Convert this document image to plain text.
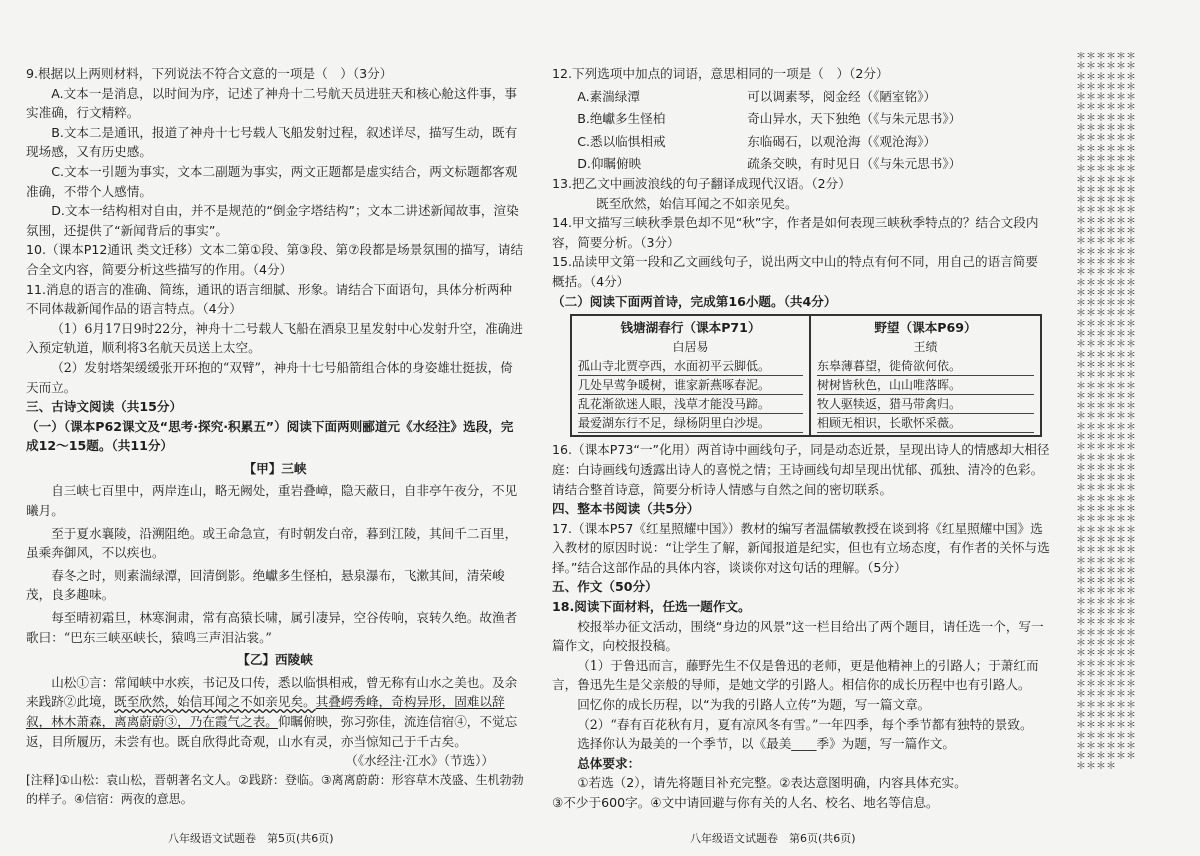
9.根据以上两则材料，下列说法不符合文意的一项是（　）（3分）

A.文本一是消息，以时间为序，记述了神舟十二号航天员进驻天和核心舱这件事，事实准确，行文精粹。

B.文本二是通讯，报道了神舟十七号载人飞船发射过程，叙述详尽，描写生动，既有现场感，又有历史感。

C.文本一引题为事实，文本二副题为事实，两文正题都是虚实结合，两文标题都客观准确，不带个人感情。

D.文本一结构相对自由，并不是规范的“倒金字塔结构”；文本二讲述新闻故事，渲染氛围，还提供了“新闻背后的事实”。

10.（课本P12通讯 类文迁移）文本二第①段、第③段、第⑦段都是场景氛围的描写，请结合全文内容，简要分析这些描写的作用。（4分）

11.消息的语言的准确、简练，通讯的语言细腻、形象。请结合下面语句，具体分析两种不同体裁新闻作品的语言特点。（4分）

（1）6月17日9时22分，神舟十二号载人飞船在酒泉卫星发射中心发射升空，准确进入预定轨道，顺利将3名航天员送上太空。

（2）发射塔架缓缓张开环抱的“双臂”，神舟十七号船箭组合体的身姿雄壮挺拔，倚天而立。

三、古诗文阅读（共15分）

（一）（课本P62课文及“思考·探究·积累五”）阅读下面两则郦道元《水经注》选段，完成12～15题。（共11分）

【甲】三峡

自三峡七百里中，两岸连山，略无阙处，重岩叠嶂，隐天蔽日，自非亭午夜分，不见曦月。

至于夏水襄陵，沿溯阻绝。或王命急宣，有时朝发白帝，暮到江陵，其间千二百里，虽乘奔御风，不以疾也。

春冬之时，则素湍绿潭，回清倒影。绝巘多生怪柏，悬泉瀑布，飞漱其间，清荣峻茂，良多趣味。

每至晴初霜旦，林寒涧肃，常有高猿长啸，属引凄异，空谷传响，哀转久绝。故渔者歌曰：“巴东三峡巫峡长，猿鸣三声泪沾裳。”

【乙】西陵峡

山松①言：常闻峡中水疾，书记及口传，悉以临惧相戒，曾无称有山水之美也。及余来践跻②此境，既至欣然，始信耳闻之不如亲见矣。其叠崿秀峰，奇构异形，固难以辞叙，林木萧森，离离蔚蔚③，乃在霞气之表。仰瞩俯映，弥习弥佳，流连信宿④，不觉忘返，目所履历，未尝有也。既自欣得此奇观，山水有灵，亦当惊知己于千古矣。

（《水经注·江水》（节选））

[注释]①山松：袁山松，晋朝著名文人。②践跻：登临。③离离蔚蔚：形容草木茂盛、生机勃勃的样子。④信宿：两夜的意思。

12.下列选项中加点的词语，意思相同的一项是（　）（2分）

A.素湍绿潭	可以调素琴，阅金经（《陋室铭》）
B.绝巘多生怪柏	奇山异水，天下独绝（《与朱元思书》）
C.悉以临惧相戒	东临碣石，以观沧海（《观沧海》）
D.仰瞩俯映	疏条交映，有时见日（《与朱元思书》）

13.把乙文中画波浪线的句子翻译成现代汉语。（2分）

既至欣然，始信耳闻之不如亲见矣。

14.甲文描写三峡秋季景色却不见“秋”字，作者是如何表现三峡秋季特点的？结合文段内容，简要分析。（3分）

15.品读甲文第一段和乙文画线句子，说出两文中山的特点有何不同，用自己的语言简要概括。（4分）

（二）阅读下面两首诗，完成第16小题。（共4分）

钱塘湖春行（课本P71）
白居易
孤山寺北贾亭西，水面初平云脚低。
几处早莺争暖树，谁家新燕啄春泥。
乱花渐欲迷人眼，浅草才能没马蹄。
最爱湖东行不足，绿杨阴里白沙堤。
野望（课本P69）
王绩
东皋薄暮望，徙倚欲何依。
树树皆秋色，山山唯落晖。
牧人驱犊返，猎马带禽归。
相顾无相识，长歌怀采薇。

16.（课本P73“一”化用）两首诗中画线句子，同是动态近景，呈现出诗人的情感却大相径庭：白诗画线句透露出诗人的喜悦之情；王诗画线句却呈现出忧郁、孤独、清冷的色彩。请结合整首诗意，简要分析诗人情感与自然之间的密切联系。

四、整本书阅读（共5分）

17.（课本P57《红星照耀中国》）教材的编写者温儒敏教授在谈到将《红星照耀中国》选入教材的原因时说：“让学生了解，新闻报道是纪实，但也有立场态度，有作者的关怀与选择。”结合这部作品的具体内容，谈谈你对这句话的理解。（5分）

五、作文（50分）

18.阅读下面材料，任选一题作文。

校报举办征文活动，围绕“身边的风景”这一栏目给出了两个题目，请任选一个，写一篇作文，向校报投稿。

（1）于鲁迅而言，藤野先生不仅是鲁迅的老师，更是他精神上的引路人；于萧红而言，鲁迅先生是父亲般的导师，是她文学的引路人。相信你的成长历程中也有引路人。

回忆你的成长历程，以“为我的引路人立传”为题，写一篇文章。

（2）“春有百花秋有月，夏有凉风冬有雪。”一年四季，每个季节都有独特的景致。

选择你认为最美的一个季节，以《最美____季》为题，写一篇作文。

总体要求：

①若选（2），请先将题目补充完整。②表达意图明确，内容具体充实。

③不少于600字。④文中请回避与你有关的人名、校名、地名等信息。

八年级语文试题卷　第5页(共6页)	八年级语文试题卷　第6页(共6页)
＊＊＊＊＊＊＊＊＊＊＊＊＊＊＊＊＊＊＊＊＊＊＊＊＊＊＊＊＊＊＊＊＊＊＊＊＊＊＊＊＊＊＊＊＊＊＊＊＊＊＊＊＊＊＊＊＊＊＊＊＊＊＊＊＊＊＊＊＊＊＊＊＊＊＊＊＊＊＊＊＊＊＊＊＊＊＊＊＊＊＊＊＊＊＊＊＊＊＊＊＊＊＊＊＊＊＊＊＊＊＊＊＊＊＊＊＊＊＊＊＊＊＊＊＊＊＊＊＊＊＊＊＊＊＊＊＊＊＊＊＊＊＊＊＊＊＊＊＊＊＊＊＊＊＊＊＊＊＊＊＊＊＊＊＊＊＊＊＊＊＊＊＊＊＊＊＊＊＊＊＊＊＊＊＊＊＊＊＊＊＊＊＊＊＊＊＊＊＊＊＊＊＊＊＊＊＊＊＊＊＊＊＊＊＊＊＊＊＊＊＊＊＊＊＊＊＊＊＊＊＊＊＊＊＊＊＊＊＊＊＊＊＊＊＊＊＊＊＊＊＊＊＊＊＊＊＊＊＊＊＊＊＊＊＊＊＊＊＊＊＊＊＊＊＊＊＊＊＊＊＊＊＊＊＊＊＊＊＊＊＊＊＊＊＊＊＊＊＊＊＊＊＊＊＊＊＊＊＊＊＊＊＊＊＊＊＊＊＊＊＊＊＊＊＊＊＊＊＊＊＊＊＊＊＊＊＊＊＊＊＊＊＊＊＊＊＊＊＊＊＊＊＊＊＊＊＊＊＊＊＊＊＊＊＊＊＊＊＊＊＊＊＊＊＊＊＊＊＊＊＊＊＊＊＊＊＊＊＊＊＊＊＊＊＊＊＊＊＊＊＊＊＊＊＊＊＊＊＊＊＊＊＊＊＊＊＊＊
